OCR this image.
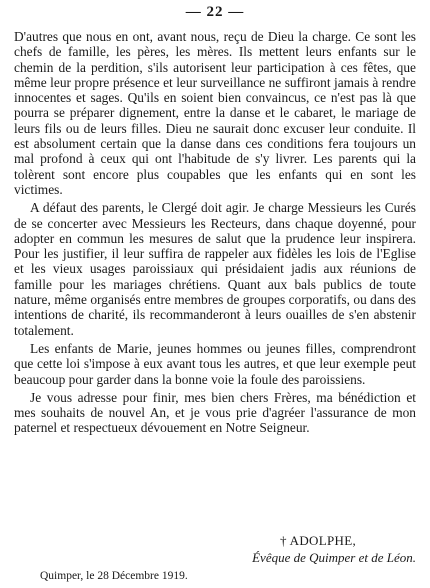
— 22 —

D'autres que nous en ont, avant nous, reçu de Dieu la charge. Ce sont les chefs de famille, les pères, les mères. Ils mettent leurs enfants sur le chemin de la perdition, s'ils autorisent leur participation à ces fêtes, que même leur propre présence et leur surveillance ne suffiront jamais à rendre innocentes et sages. Qu'ils en soient bien convaincus, ce n'est pas là que pourra se préparer dignement, entre la danse et le cabaret, le mariage de leurs fils ou de leurs filles. Dieu ne saurait donc excuser leur conduite. Il est absolument certain que la danse dans ces conditions fera toujours un mal profond à ceux qui ont l'habitude de s'y livrer. Les parents qui la tolèrent sont encore plus coupables que les enfants qui en sont les victimes.

A défaut des parents, le Clergé doit agir. Je charge Messieurs les Curés de se concerter avec Messieurs les Recteurs, dans chaque doyenné, pour adopter en commun les mesures de salut que la prudence leur inspirera. Pour les justifier, il leur suffira de rappeler aux fidèles les lois de l'Eglise et les vieux usages paroissiaux qui présidaient jadis aux réunions de famille pour les mariages chrétiens. Quant aux bals publics de toute nature, même organisés entre membres de groupes corporatifs, ou dans des intentions de charité, ils recommanderont à leurs ouailles de s'en abstenir totalement.

Les enfants de Marie, jeunes hommes ou jeunes filles, comprendront que cette loi s'impose à eux avant tous les autres, et que leur exemple peut beaucoup pour garder dans la bonne voie la foule des paroissiens.

Je vous adresse pour finir, mes bien chers Frères, ma bénédiction et mes souhaits de nouvel An, et je vous prie d'agréer l'assurance de mon paternel et respectueux dévouement en Notre Seigneur.

† ADOLPHE,
Évêque de Quimper et de Léon.
Quimper, le 28 Décembre 1919.
